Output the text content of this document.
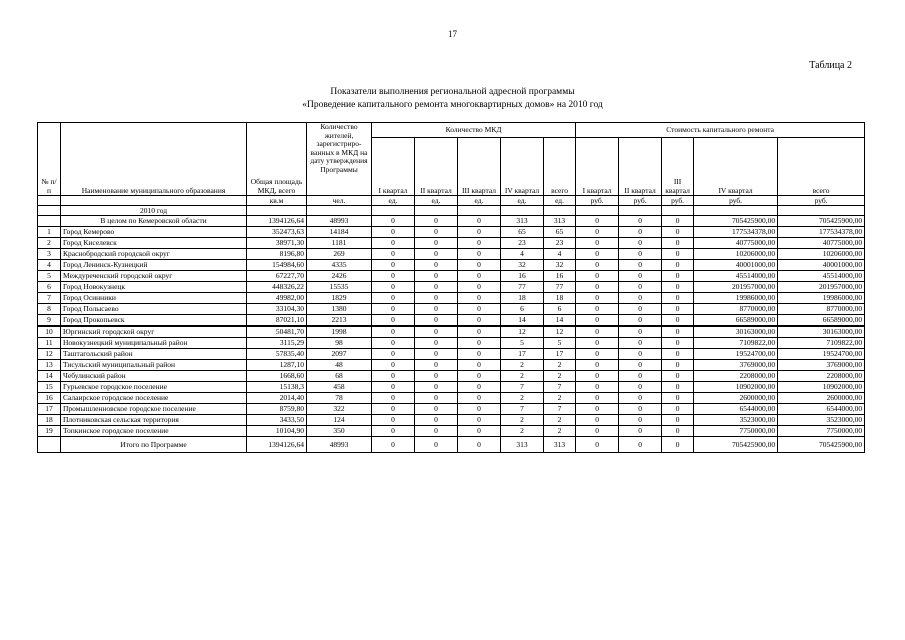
17
Таблица 2
Показатели выполнения региональной адресной программы
«Проведение капитального ремонта многоквартирных домов» на 2010 год
№ п/п	Наименование муниципального образования	Общая площадь МКД, всего	Количество жителей, зарегистриро-ванных в МКД на дату утверждения Программы	Количество МКД					Стоимость капитального ремонта				
				I квартал	II квартал	III квартал	IV квартал	всего	I квартал	II квартал	III квартал	IV квартал	всего
		кв.м	чел.	ед.	ед.	ед.	ед.	ед.	руб.	руб.	руб.	руб.	руб.
	2010 год												
	В целом по Кемеровской области	1394126,64	48993	0	0	0	313	313	0	0	0	705425900,00	705425900,00
1	Город Кемерово	352473,63	14184	0	0	0	65	65	0	0	0	177534378,00	177534378,00
2	Город Киселевск	38971,30	1181	0	0	0	23	23	0	0	0	40775000,00	40775000,00
3	Краснобродский городской округ	8196,80	269	0	0	0	4	4	0	0	0	10206000,00	10206000,00
4	Город Ленинск-Кузнецкий	154984,60	4335	0	0	0	32	32	0	0	0	40001000,00	40001000,00
5	Междуреченский городской округ	67227,70	2426	0	0	0	16	16	0	0	0	45514000,00	45514000,00
6	Город Новокузнецк	448326,22	15535	0	0	0	77	77	0	0	0	201957000,00	201957000,00
7	Город Осинники	49982,00	1829	0	0	0	18	18	0	0	0	19986000,00	19986000,00
8	Город Полысаево	33104,30	1380	0	0	0	6	6	0	0	0	8770000,00	8770000,00
9	Город Прокопьевск	87021,10	2213	0	0	0	14	14	0	0	0	66589000,00	66589000,00
10	Юргинский городской округ	50481,70	1998	0	0	0	12	12	0	0	0	30163000,00	30163000,00
11	Новокузнецкий муниципальный район	3115,29	98	0	0	0	5	5	0	0	0	7109822,00	7109822,00
12	Таштагольский район	57835,40	2097	0	0	0	17	17	0	0	0	19524700,00	19524700,00
13	Тисульский муниципальный район	1287,10	48	0	0	0	2	2	0	0	0	3769000,00	3769000,00
14	Чебулинский район	1668,60	68	0	0	0	2	2	0	0	0	2208000,00	2208000,00
15	Гурьевское городское поселение	15138,3	458	0	0	0	7	7	0	0	0	10902000,00	10902000,00
16	Салаирское городское поселение	2014,40	78	0	0	0	2	2	0	0	0	2600000,00	2600000,00
17	Промышленновское городское поселение	8759,80	322	0	0	0	7	7	0	0	0	6544000,00	6544000,00
18	Плотниковская сельская территория	3433,50	124	0	0	0	2	2	0	0	0	3523000,00	3523000,00
19	Топкинское городское поселение	10104,90	350	0	0	0	2	2	0	0	0	7750000,00	7750000,00
	Итого по Программе	1394126,64	48993	0	0	0	313	313	0	0	0	705425900,00	705425900,00
